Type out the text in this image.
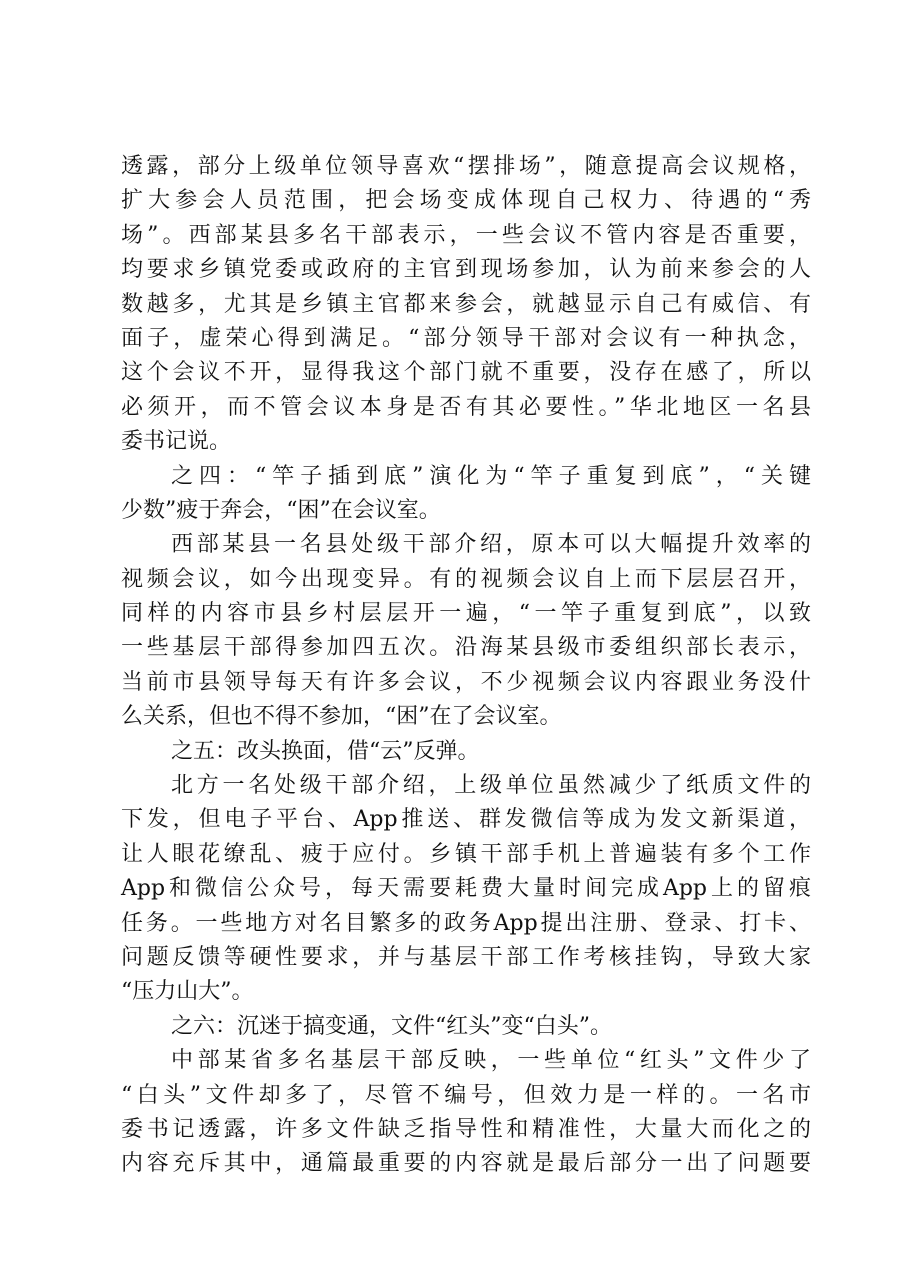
透露，部分上级单位领导喜欢“摆排场”，随意提高会议规格，
扩大参会人员范围，把会场变成体现自己权力、待遇的“秀
场”。西部某县多名干部表示，一些会议不管内容是否重要，
均要求乡镇党委或政府的主官到现场参加，认为前来参会的人
数越多，尤其是乡镇主官都来参会，就越显示自己有威信、有
面子，虚荣心得到满足。“部分领导干部对会议有一种执念，
这个会议不开，显得我这个部门就不重要，没存在感了，所以
必须开，而不管会议本身是否有其必要性。”华北地区一名县
委书记说。
之四：“竿子插到底”演化为“竿子重复到底”，“关键
少数”疲于奔会，“困”在会议室。
西部某县一名县处级干部介绍，原本可以大幅提升效率的
视频会议，如今出现变异。有的视频会议自上而下层层召开，
同样的内容市县乡村层层开一遍，“一竿子重复到底”，以致
一些基层干部得参加四五次。沿海某县级市委组织部长表示，
当前市县领导每天有许多会议，不少视频会议内容跟业务没什
么关系，但也不得不参加，“困”在了会议室。
之五：改头换面，借“云”反弹。
北方一名处级干部介绍，上级单位虽然减少了纸质文件的
下发，但电子平台、App推送、群发微信等成为发文新渠道，
让人眼花缭乱、疲于应付。乡镇干部手机上普遍装有多个工作
App和微信公众号，每天需要耗费大量时间完成App上的留痕
任务。一些地方对名目繁多的政务App提出注册、登录、打卡、
问题反馈等硬性要求，并与基层干部工作考核挂钩，导致大家
“压力山大”。
之六：沉迷于搞变通，文件“红头”变“白头”。
中部某省多名基层干部反映，一些单位“红头”文件少了
“白头”文件却多了，尽管不编号，但效力是一样的。一名市
委书记透露，许多文件缺乏指导性和精准性，大量大而化之的
内容充斥其中，通篇最重要的内容就是最后部分一出了问题要
